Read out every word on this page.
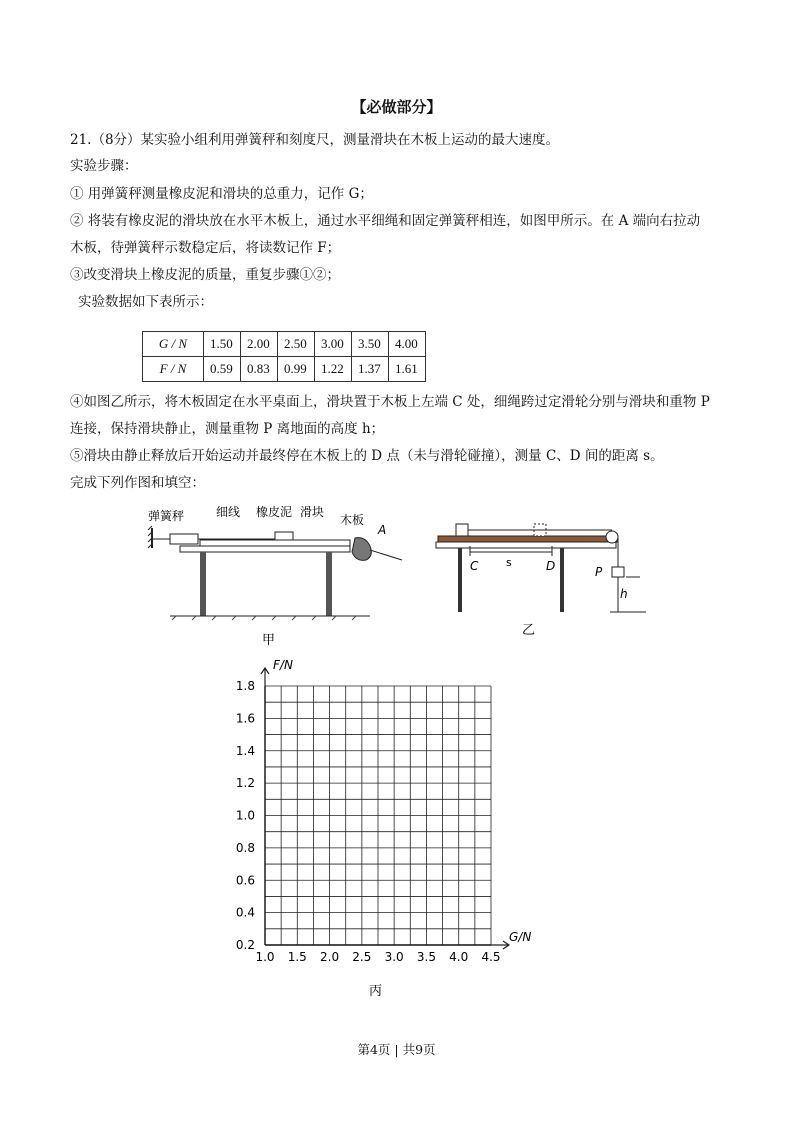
【必做部分】
21.（8分）某实验小组利用弹簧秤和刻度尺，测量滑块在木板上运动的最大速度。
实验步骤：
① 用弹簧秤测量橡皮泥和滑块的总重力，记作 G；
② 将装有橡皮泥的滑块放在水平木板上，通过水平细绳和固定弹簧秤相连，如图甲所示。在 A 端向右拉动
木板，待弹簧秤示数稳定后，将读数记作 F；
③改变滑块上橡皮泥的质量，重复步骤①②；
实验数据如下表所示：
G / N	1.50	2.00	2.50	3.00	3.50	4.00
F / N	0.59	0.83	0.99	1.22	1.37	1.61
④如图乙所示，将木板固定在水平桌面上，滑块置于木板上左端 C 处，细绳跨过定滑轮分别与滑块和重物 P
连接，保持滑块静止，测量重物 P 离地面的高度 h；
⑤滑块由静止释放后开始运动并最终停在木板上的 D 点（未与滑轮碰撞），测量 C、D 间的距离 s。
完成下列作图和填空：
弹簧秤	细线 橡皮泥 滑块
木板
A
甲
C	s	D	P
h
乙
1.0 1.5 2.0 2.5 3.0 3.5 4.0 4.5
0.2
0.4
0.6
0.8
1.0
1.2
1.4
1.6
1.8
F/N
G/N
丙
第4页 | 共9页
